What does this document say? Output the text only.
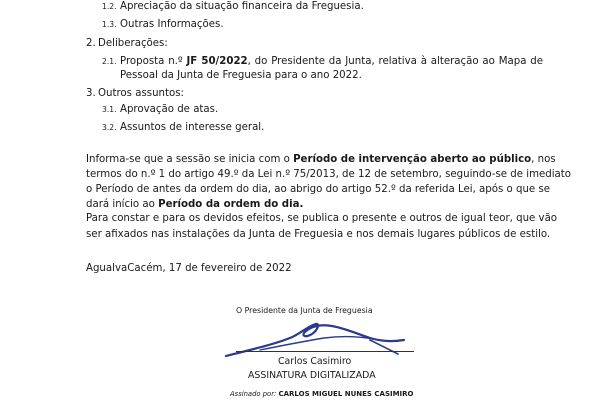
1.2. Apreciação da situação financeira da Freguesia.
1.3. Outras Informações.
2. Deliberações:
2.1. Proposta n.º JF 50/2022, do Presidente da Junta, relativa à alteração ao Mapa de
Pessoal da Junta de Freguesia para o ano 2022.
3. Outros assuntos:
3.1. Aprovação de atas.
3.2. Assuntos de interesse geral.
Informa-se que a sessão se inicia com o Período de intervenção aberto ao público, nos
termos do n.º 1 do artigo 49.º da Lei n.º 75/2013, de 12 de setembro, seguindo-se de imediato
o Período de antes da ordem do dia, ao abrigo do artigo 52.º da referida Lei, após o que se
dará início ao Período da ordem do dia.
Para constar e para os devidos efeitos, se publica o presente e outros de igual teor, que vão
ser afixados nas instalações da Junta de Freguesia e nos demais lugares públicos de estilo.
AgualvaCacém, 17 de fevereiro de 2022
O Presidente da Junta de Freguesia
Carlos Casimiro
ASSINATURA DIGITALIZADA
Assinado por: CARLOS MIGUEL NUNES CASIMIRO
